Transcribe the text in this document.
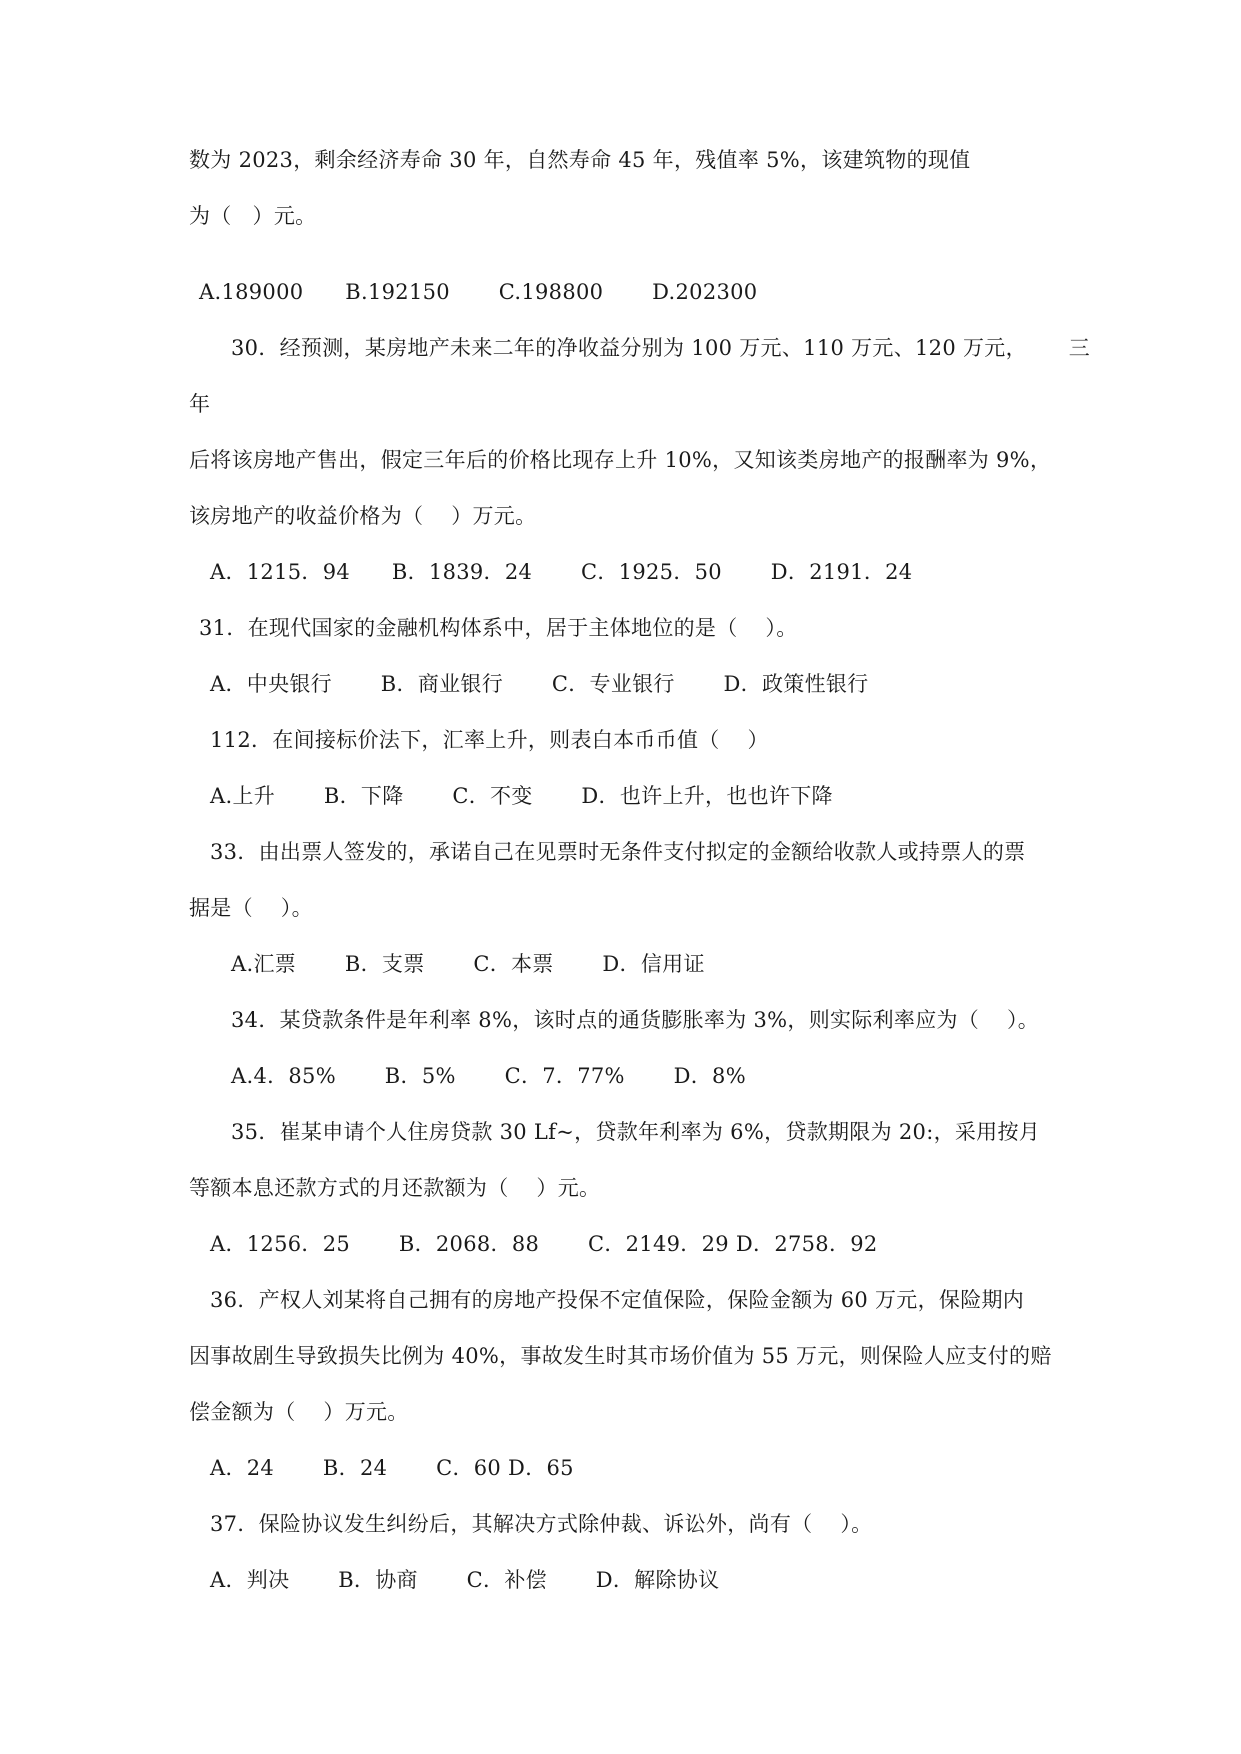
数为 2023，剩余经济寿命 30 年，自然寿命 45 年，残值率 5%，该建筑物的现值
为（   ）元。
A.189000      B.192150       C.198800       D.202300
30．经预测，某房地产未来二年的净收益分别为 100 万元、110 万元、120 万元，      三
年
后将该房地产售出，假定三年后的价格比现存上升 10%，又知该类房地产的报酬率为 9%，
该房地产的收益价格为（    ）万元。
A．1215．94      B．1839．24       C．1925．50       D．2191．24
31．在现代国家的金融机构体系中，居于主体地位的是（    ）。
A．中央银行       B．商业银行       C．专业银行       D．政策性银行
112．在间接标价法下，汇率上升，则表白本币币值（    ）
A.上升       B．下降       C．不变       D．也许上升，也也许下降
33．由出票人签发的，承诺自己在见票时无条件支付拟定的金额给收款人或持票人的票
据是（    ）。
A.汇票       B．支票       C．本票       D．信用证
34．某贷款条件是年利率 8%，该时点的通货膨胀率为 3%，则实际利率应为（    ）。
A.4．85%       B．5%       C．7．77%       D．8%
35．崔某申请个人住房贷款 30 Lf~，贷款年利率为 6%，贷款期限为 20:，采用按月
等额本息还款方式的月还款额为（    ）元。
A．1256．25       B．2068．88       C．2149．29 D．2758．92
36．产权人刘某将自己拥有的房地产投保不定值保险，保险金额为 60 万元，保险期内
因事故剧生导致损失比例为 40%，事故发生时其市场价值为 55 万元，则保险人应支付的赔
偿金额为（    ）万元。
A．24       B．24       C．60 D．65
37．保险协议发生纠纷后，其解决方式除仲裁、诉讼外，尚有（    ）。
A．判决       B．协商       C．补偿       D．解除协议
